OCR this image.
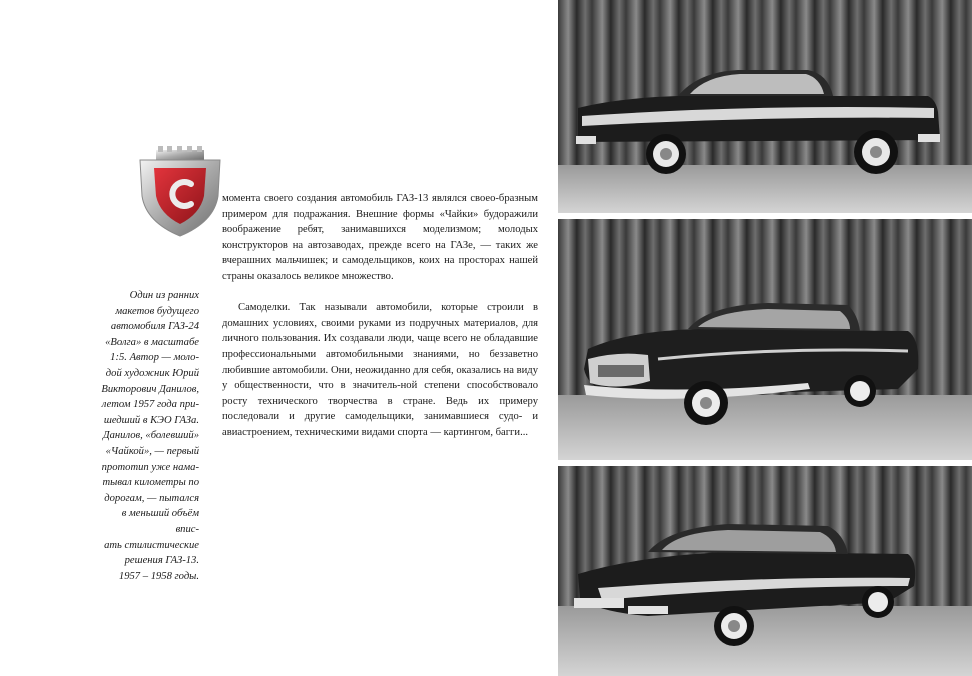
Один из ранних

макетов будущего

автомобиля ГАЗ-24

«Волга» в масштабе

1:5. Автор — моло-

дой художник Юрий

Викторович Данилов,

летом 1957 года при-

шедший в КЭО ГАЗа.

Данилов, «болевший»

«Чайкой», — первый

прототип уже нама-

тывал километры по

дорогам, — пытался

в меньший объём впис-

ать стилистические

решения ГАЗ-13.

1957 – 1958 годы.

момента своего создания автомобиль ГАЗ-13 являлся своео-бразным примером для подражания. Внешние формы «Чайки» будоражили воображение ребят, занимавшихся моделизмом; молодых конструкторов на автозаводах, прежде всего на ГАЗе, — таких же вчерашних мальчишек; и самодельщиков, коих на просторах нашей страны оказалось великое множество.

Самоделки. Так называли автомобили, которые строили в домашних условиях, своими руками из подручных материалов, для личного пользования. Их создавали люди, чаще всего не обладавшие профессиональными автомобильными знаниями, но беззаветно любившие автомобили. Они, неожиданно для себя, оказались на виду у общественности, что в значитель-ной степени способствовало росту технического творчества в стране. Ведь их примеру последовали и другие самодельщики, занимавшиеся судо- и авиастроением, техническими видами спорта — картингом, багги...
